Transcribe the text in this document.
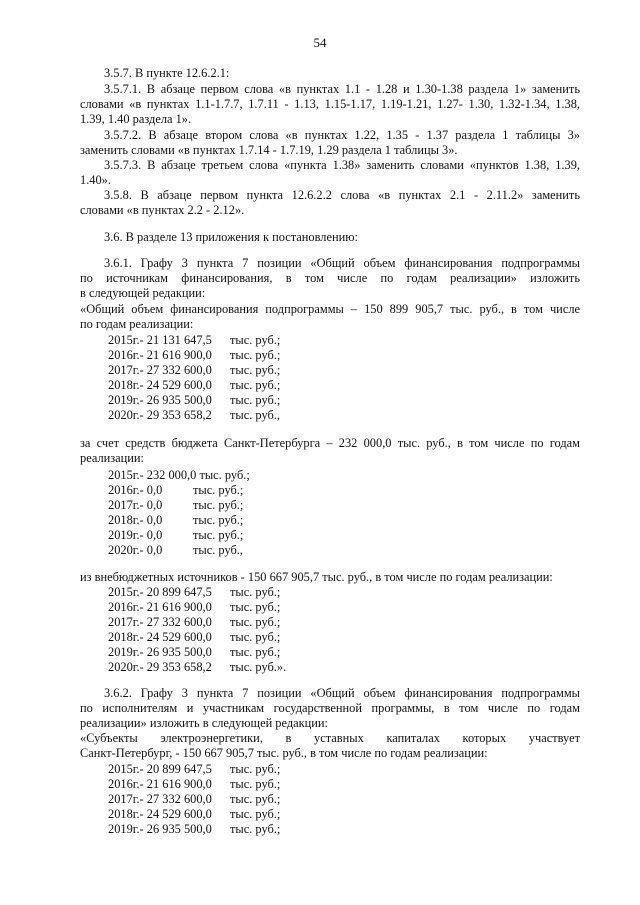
54
3.5.7. В пункте 12.6.2.1:
3.5.7.1. В абзаце первом слова «в пунктах 1.1 - 1.28 и 1.30-1.38 раздела 1» заменить
словами «в пунктах 1.1-1.7.7, 1.7.11 - 1.13, 1.15-1.17, 1.19-1.21, 1.27- 1.30, 1.32-1.34, 1.38,
1.39, 1.40 раздела 1».
3.5.7.2. В абзаце втором слова «в пунктах 1.22, 1.35 - 1.37 раздела 1 таблицы 3»
заменить словами «в пунктах 1.7.14 - 1.7.19, 1.29 раздела 1 таблицы 3».
3.5.7.3. В абзаце третьем слова «пункта 1.38» заменить словами «пунктов 1.38, 1.39,
1.40».
3.5.8. В абзаце первом пункта 12.6.2.2 слова «в пунктах 2.1 - 2.11.2» заменить
словами «в пунктах 2.2 - 2.12».
3.6. В разделе 13 приложения к постановлению:
3.6.1. Графу 3 пункта 7 позиции «Общий объем финансирования подпрограммы
по источникам финансирования, в том числе по годам реализации» изложить
в следующей редакции:
«Общий объем финансирования подпрограммы – 150 899 905,7 тыс. руб., в том числе
по годам реализации:
2015г.- 21 131 647,5 тыс. руб.;
2016г.- 21 616 900,0 тыс. руб.;
2017г.- 27 332 600,0 тыс. руб.;
2018г.- 24 529 600,0 тыс. руб.;
2019г.- 26 935 500,0 тыс. руб.;
2020г.- 29 353 658,2 тыс. руб.,
за счет средств бюджета Санкт-Петербурга – 232 000,0 тыс. руб., в том числе по годам
реализации:
2015г.- 232 000,0 тыс. руб.;
2016г.- 0,0 тыс. руб.;
2017г.- 0,0 тыс. руб.;
2018г.- 0,0 тыс. руб.;
2019г.- 0,0 тыс. руб.;
2020г.- 0,0 тыс. руб.,
из внебюджетных источников - 150 667 905,7 тыс. руб., в том числе по годам реализации:
2015г.- 20 899 647,5 тыс. руб.;
2016г.- 21 616 900,0 тыс. руб.;
2017г.- 27 332 600,0 тыс. руб.;
2018г.- 24 529 600,0 тыс. руб.;
2019г.- 26 935 500,0 тыс. руб.;
2020г.- 29 353 658,2 тыс. руб.».
3.6.2. Графу 3 пункта 7 позиции «Общий объем финансирования подпрограммы
по исполнителям и участникам государственной программы, в том числе по годам
реализации» изложить в следующей редакции:
«Субъекты электроэнергетики, в уставных капиталах которых участвует
Санкт-Петербург, - 150 667 905,7 тыс. руб., в том числе по годам реализации:
2015г.- 20 899 647,5 тыс. руб.;
2016г.- 21 616 900,0 тыс. руб.;
2017г.- 27 332 600,0 тыс. руб.;
2018г.- 24 529 600,0 тыс. руб.;
2019г.- 26 935 500,0 тыс. руб.;
